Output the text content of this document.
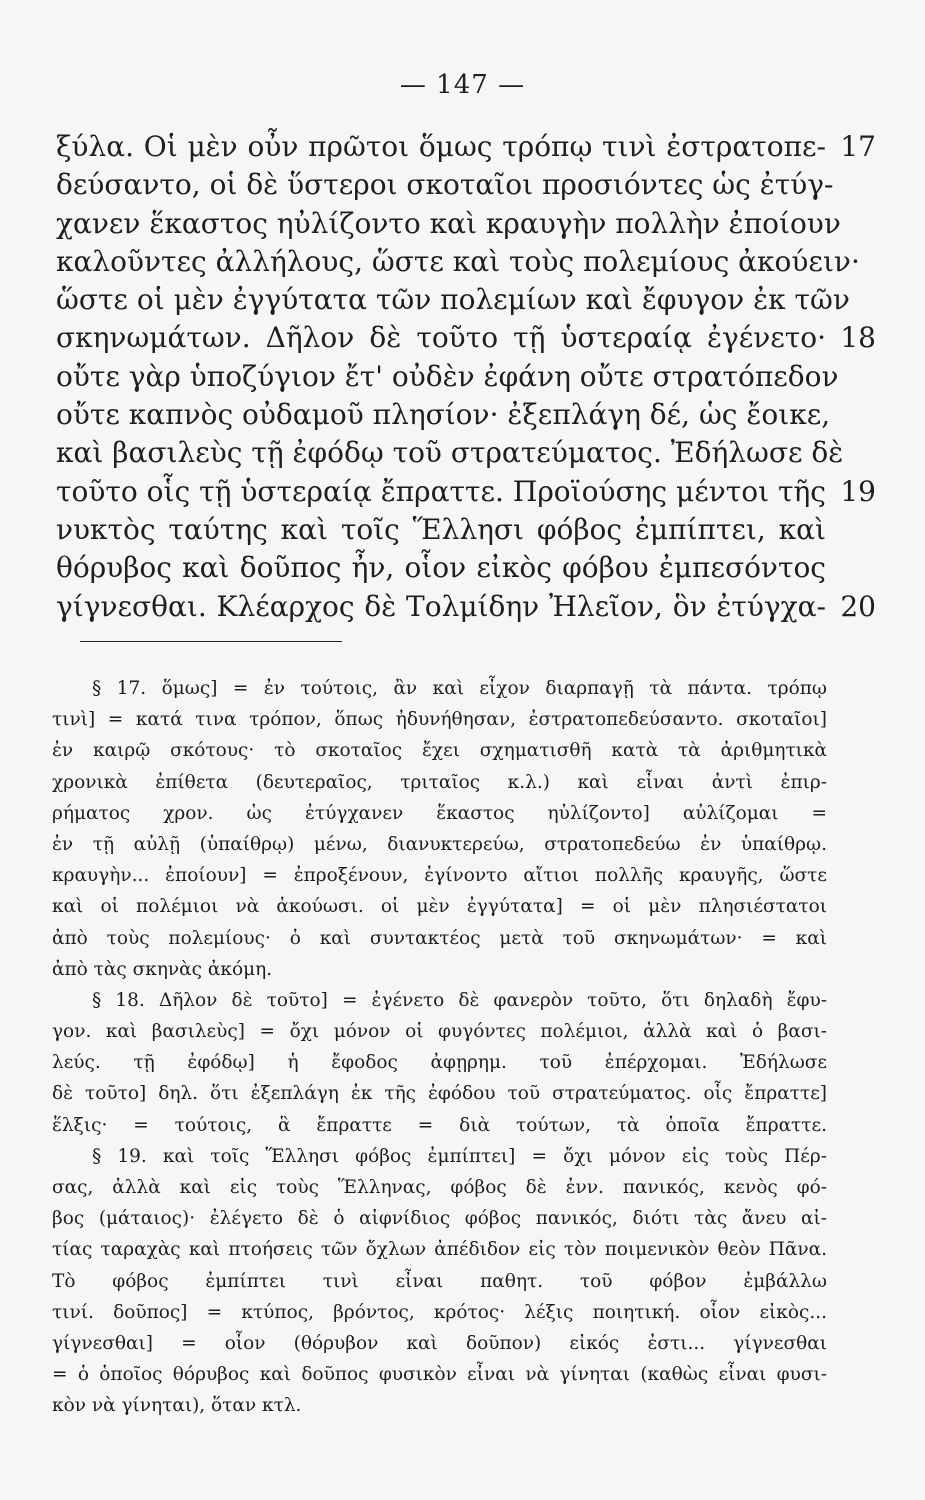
— 147 —
ξύλα. Οἱ μὲν οὖν πρῶτοι ὅμως τρόπῳ τινὶ ἐστρατοπε- 17
δεύσαντο, οἱ δὲ ὕστεροι σκοταῖοι προσιόντες ὡς ἐτύγ-
χανεν ἕκαστος ηὐλίζοντο καὶ κραυγὴν πολλὴν ἐποίουν
καλοῦντες ἀλλήλους, ὥστε καὶ τοὺς πολεμίους ἀκούειν·
ὥστε οἱ μὲν ἐγγύτατα τῶν πολεμίων καὶ ἔφυγον ἐκ τῶν
σκηνωμάτων. Δῆλον δὲ τοῦτο τῇ ὑστεραίᾳ ἐγένετο· 18
οὔτε γὰρ ὑποζύγιον ἔτ' οὐδὲν ἐφάνη οὔτε στρατόπεδον
οὔτε καπνὸς οὐδαμοῦ πλησίον· ἐξεπλάγη δέ, ὡς ἔοικε,
καὶ βασιλεὺς τῇ ἐφόδῳ τοῦ στρατεύματος. Ἐδήλωσε δὲ
τοῦτο οἷς τῇ ὑστεραίᾳ ἔπραττε. Προϊούσης μέντοι τῆς 19
νυκτὸς ταύτης καὶ τοῖς Ἕλλησι φόβος ἐμπίπτει, καὶ
θόρυβος καὶ δοῦπος ἦν, οἷον εἰκὸς φόβου ἐμπεσόντος
γίγνεσθαι. Κλέαρχος δὲ Τολμίδην Ἠλεῖον, ὃν ἐτύγχα- 20
§ 17. ὅμως] = ἐν τούτοις, ἂν καὶ εἶχον διαρπαγῇ τὰ πάντα. τρόπῳ
τινὶ] = κατά τινα τρόπον, ὅπως ἠδυνήθησαν, ἐστρατοπεδεύσαντο. σκοταῖοι]
ἐν καιρῷ σκότους· τὸ σκοταῖος ἔχει σχηματισθῆ κατὰ τὰ ἀριθμητικὰ
χρονικὰ ἐπίθετα (δευτεραῖος, τριταῖος κ.λ.) καὶ εἶναι ἀντὶ ἐπιρ-
ρήματος χρον. ὡς ἐτύγχανεν ἕκαστος ηὐλίζοντο] αὐλίζομαι =
ἐν τῇ αὐλῇ (ὑπαίθρῳ) μένω, διανυκτερεύω, στρατοπεδεύω ἐν ὑπαίθρῳ.
κραυγὴν... ἐποίουν] = ἐπροξένουν, ἐγίνοντο αἴτιοι πολλῆς κραυγῆς, ὥστε
καὶ οἱ πολέμιοι νὰ ἀκούωσι. οἱ μὲν ἐγγύτατα] = οἱ μὲν πλησιέστατοι
ἀπὸ τοὺς πολεμίους· ὁ καὶ συντακτέος μετὰ τοῦ σκηνωμάτων· = καὶ
ἀπὸ τὰς σκηνὰς ἀκόμη.
§ 18. Δῆλον δὲ τοῦτο] = ἐγένετο δὲ φανερὸν τοῦτο, ὅτι δηλαδὴ ἔφυ-
γον. καὶ βασιλεὺς] = ὄχι μόνον οἱ φυγόντες πολέμιοι, ἀλλὰ καὶ ὁ βασι-
λεύς. τῇ ἐφόδῳ] ἡ ἔφοδος ἀφῃρημ. τοῦ ἐπέρχομαι. Ἐδήλωσε
δὲ τοῦτο] δηλ. ὅτι ἐξεπλάγη ἐκ τῆς ἐφόδου τοῦ στρατεύματος. οἷς ἔπραττε]
ἕλξις· = τούτοις, ἃ ἔπραττε = διὰ τούτων, τὰ ὁποῖα ἔπραττε.
§ 19. καὶ τοῖς Ἕλλησι φόβος ἐμπίπτει] = ὄχι μόνον εἰς τοὺς Πέρ-
σας, ἀλλὰ καὶ εἰς τοὺς Ἕλληνας, φόβος δὲ ἐνν. πανικός, κενὸς φό-
βος (μάταιος)· ἐλέγετο δὲ ὁ αἰφνίδιος φόβος πανικός, διότι τὰς ἄνευ αἰ-
τίας ταραχὰς καὶ πτοήσεις τῶν ὄχλων ἀπέδιδον εἰς τὸν ποιμενικὸν θεὸν Πᾶνα.
Τὸ φόβος ἐμπίπτει τινὶ εἶναι παθητ. τοῦ φόβον ἐμβάλλω
τινί. δοῦπος] = κτύπος, βρόντος, κρότος· λέξις ποιητική. οἷον εἰκὸς...
γίγνεσθαι] = οἷον (θόρυβον καὶ δοῦπον) εἰκός ἐστι... γίγνεσθαι
= ὁ ὁποῖος θόρυβος καὶ δοῦπος φυσικὸν εἶναι νὰ γίνηται (καθὼς εἶναι φυσι-
κὸν νὰ γίνηται), ὅταν κτλ.
